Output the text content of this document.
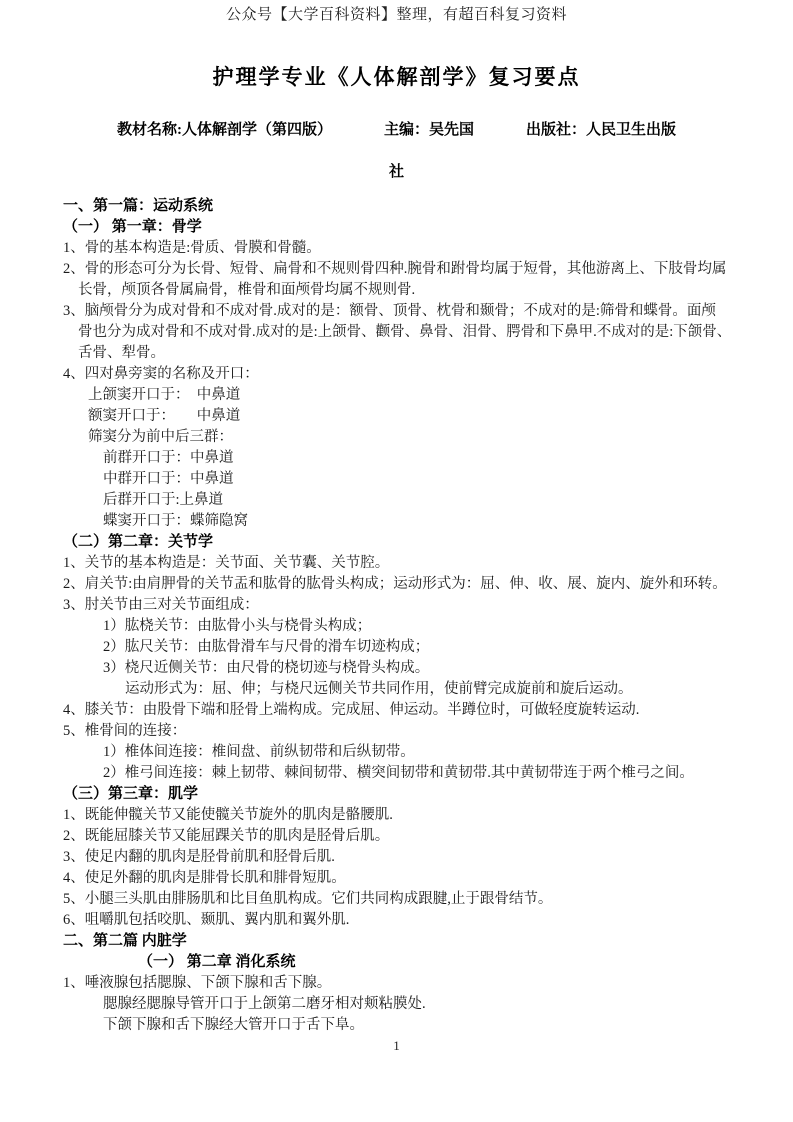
公众号【大学百科资料】整理，有超百科复习资料
护理学专业《人体解剖学》复习要点
教材名称:人体解剖学（第四版）	主编：吴先国	出版社：人民卫生出版
社

一、第一篇：运动系统

（一） 第一章：骨学

1、骨的基本构造是:骨质、骨膜和骨髓。

2、骨的形态可分为长骨、短骨、扁骨和不规则骨四种.腕骨和跗骨均属于短骨，其他游离上、下肢骨均属

长骨，颅顶各骨属扁骨，椎骨和面颅骨均属不规则骨.

3、脑颅骨分为成对骨和不成对骨.成对的是：额骨、顶骨、枕骨和颞骨；不成对的是:筛骨和蝶骨。面颅

骨也分为成对骨和不成对骨.成对的是:上颌骨、颧骨、鼻骨、泪骨、腭骨和下鼻甲.不成对的是:下颌骨、

舌骨、犁骨。

4、四对鼻旁窦的名称及开口：

上颌窦开口于：　中鼻道

额窦开口于：　　中鼻道

筛窦分为前中后三群：

前群开口于：中鼻道

中群开口于：中鼻道

后群开口于:上鼻道

蝶窦开口于：蝶筛隐窝

（二）第二章：关节学

1、关节的基本构造是：关节面、关节囊、关节腔。

2、肩关节:由肩胛骨的关节盂和肱骨的肱骨头构成；运动形式为：屈、伸、收、展、旋内、旋外和环转。

3、肘关节由三对关节面组成：

1）肱桡关节：由肱骨小头与桡骨头构成；

2）肱尺关节：由肱骨滑车与尺骨的滑车切迹构成；

3）桡尺近侧关节：由尺骨的桡切迹与桡骨头构成。

运动形式为：屈、伸；与桡尺远侧关节共同作用，使前臂完成旋前和旋后运动。

4、膝关节：由股骨下端和胫骨上端构成。完成屈、伸运动。半蹲位时，可做轻度旋转运动.

5、椎骨间的连接：

1）椎体间连接：椎间盘、前纵韧带和后纵韧带。

2）椎弓间连接：棘上韧带、棘间韧带、横突间韧带和黄韧带.其中黄韧带连于两个椎弓之间。

（三）第三章：肌学

1、既能伸髋关节又能使髋关节旋外的肌肉是骼腰肌.

2、既能屈膝关节又能屈踝关节的肌肉是胫骨后肌。

3、使足内翻的肌肉是胫骨前肌和胫骨后肌.

4、使足外翻的肌肉是腓骨长肌和腓骨短肌。

5、小腿三头肌由腓肠肌和比目鱼肌构成。它们共同构成跟腱,止于跟骨结节。

6、咀嚼肌包括咬肌、颞肌、翼内肌和翼外肌.

二、第二篇 内脏学

（一） 第二章 消化系统

1、唾液腺包括腮腺、下颌下腺和舌下腺。

腮腺经腮腺导管开口于上颌第二磨牙相对颊粘膜处.

下颌下腺和舌下腺经大管开口于舌下阜。

1
